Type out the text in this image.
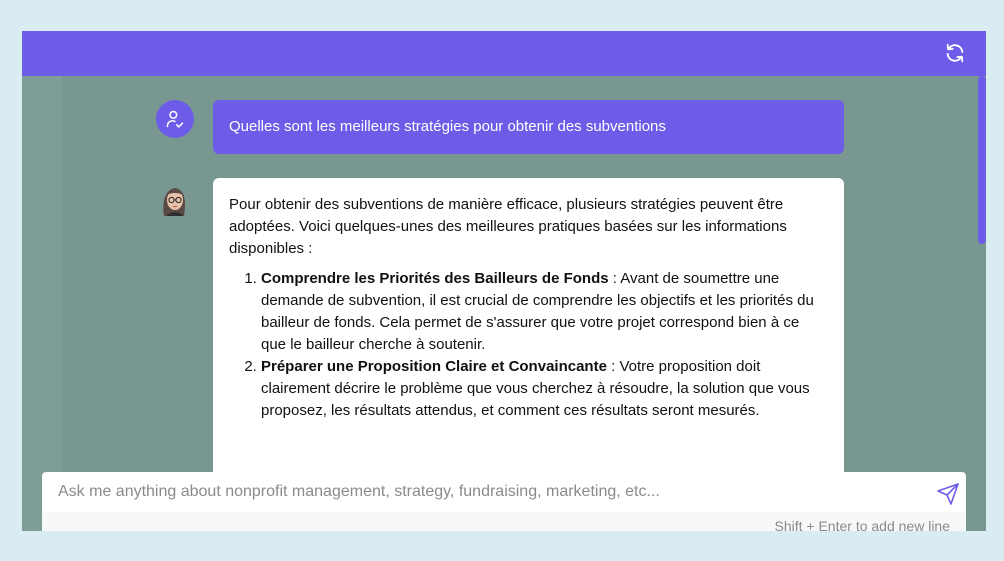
Quelles sont les meilleurs stratégies pour obtenir des subventions

Pour obtenir des subventions de manière efficace, plusieurs stratégies peuvent être adoptées. Voici quelques-unes des meilleures pratiques basées sur les informations disponibles :

1. Comprendre les Priorités des Bailleurs de Fonds : Avant de soumettre une demande de subvention, il est crucial de comprendre les objectifs et les priorités du bailleur de fonds. Cela permet de s'assurer que votre projet correspond bien à ce que le bailleur cherche à soutenir.
2. Préparer une Proposition Claire et Convaincante : Votre proposition doit clairement décrire le problème que vous cherchez à résoudre, la solution que vous proposez, les résultats attendus, et comment ces résultats seront mesurés.
Ask me anything about nonprofit management, strategy, fundraising, marketing, etc...
Shift + Enter to add new line
